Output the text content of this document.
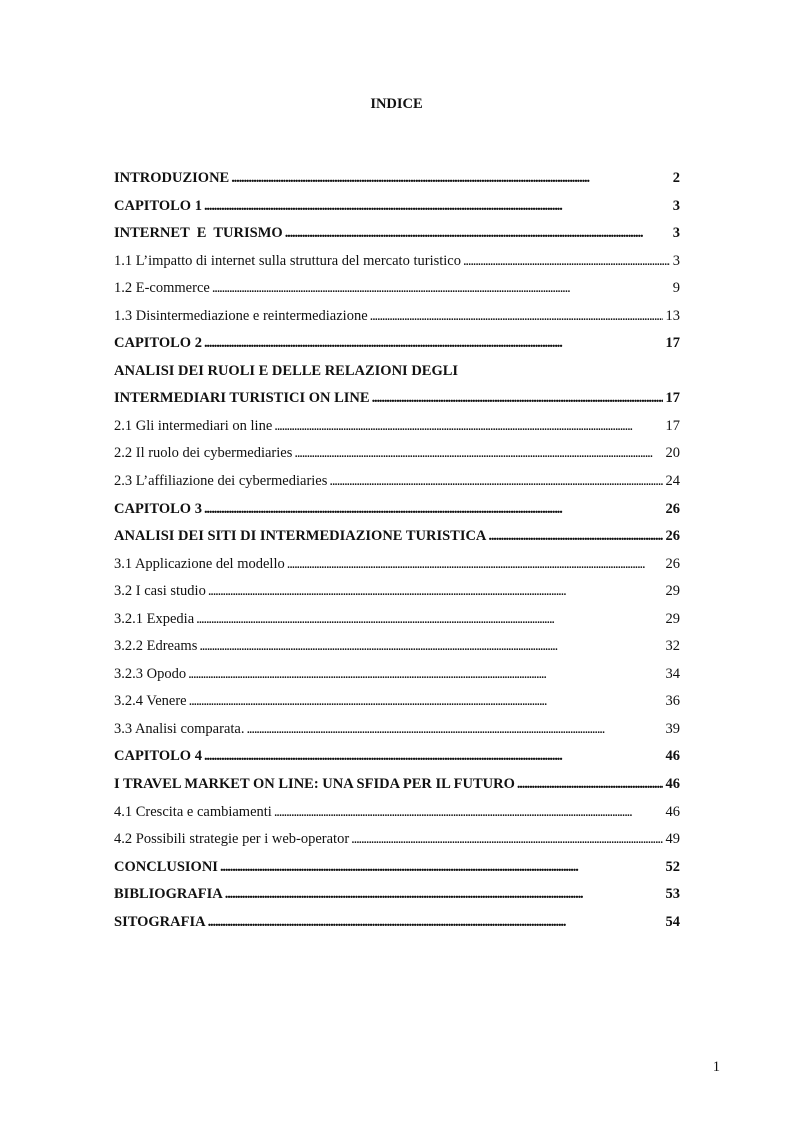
INDICE
INTRODUZIONE . . .	2
CAPITOLO 1 . . .	3
INTERNET  E  TURISMO . . .	3
1.1 L’impatto di internet sulla struttura del mercato turistico . . .	3
1.2 E-commerce . . .	9
1.3 Disintermediazione e reintermediazione . . .	13
CAPITOLO 2 . . .	17
ANALISI DEI RUOLI E DELLE RELAZIONI DEGLI
INTERMEDIARI TURISTICI ON LINE . . .	17
2.1 Gli intermediari on line . . .	17
2.2 Il ruolo dei cybermediaries . . .	20
2.3 L’affiliazione dei cybermediaries . . .	24
CAPITOLO 3 . . .	26
ANALISI DEI SITI DI INTERMEDIAZIONE TURISTICA . . .	26
3.1 Applicazione del modello . . .	26
3.2 I casi studio . . .	29
3.2.1 Expedia . . .	29
3.2.2 Edreams . . .	32
3.2.3 Opodo . . .	34
3.2.4 Venere . . .	36
3.3 Analisi comparata. . . .	39
CAPITOLO 4 . . .	46
I TRAVEL MARKET ON LINE: UNA SFIDA PER IL FUTURO . . .	46
4.1 Crescita e cambiamenti . . .	46
4.2 Possibili strategie per i web-operator . . .	49
CONCLUSIONI . . .	52
BIBLIOGRAFIA . . .	53
SITOGRAFIA . . .	54
1
